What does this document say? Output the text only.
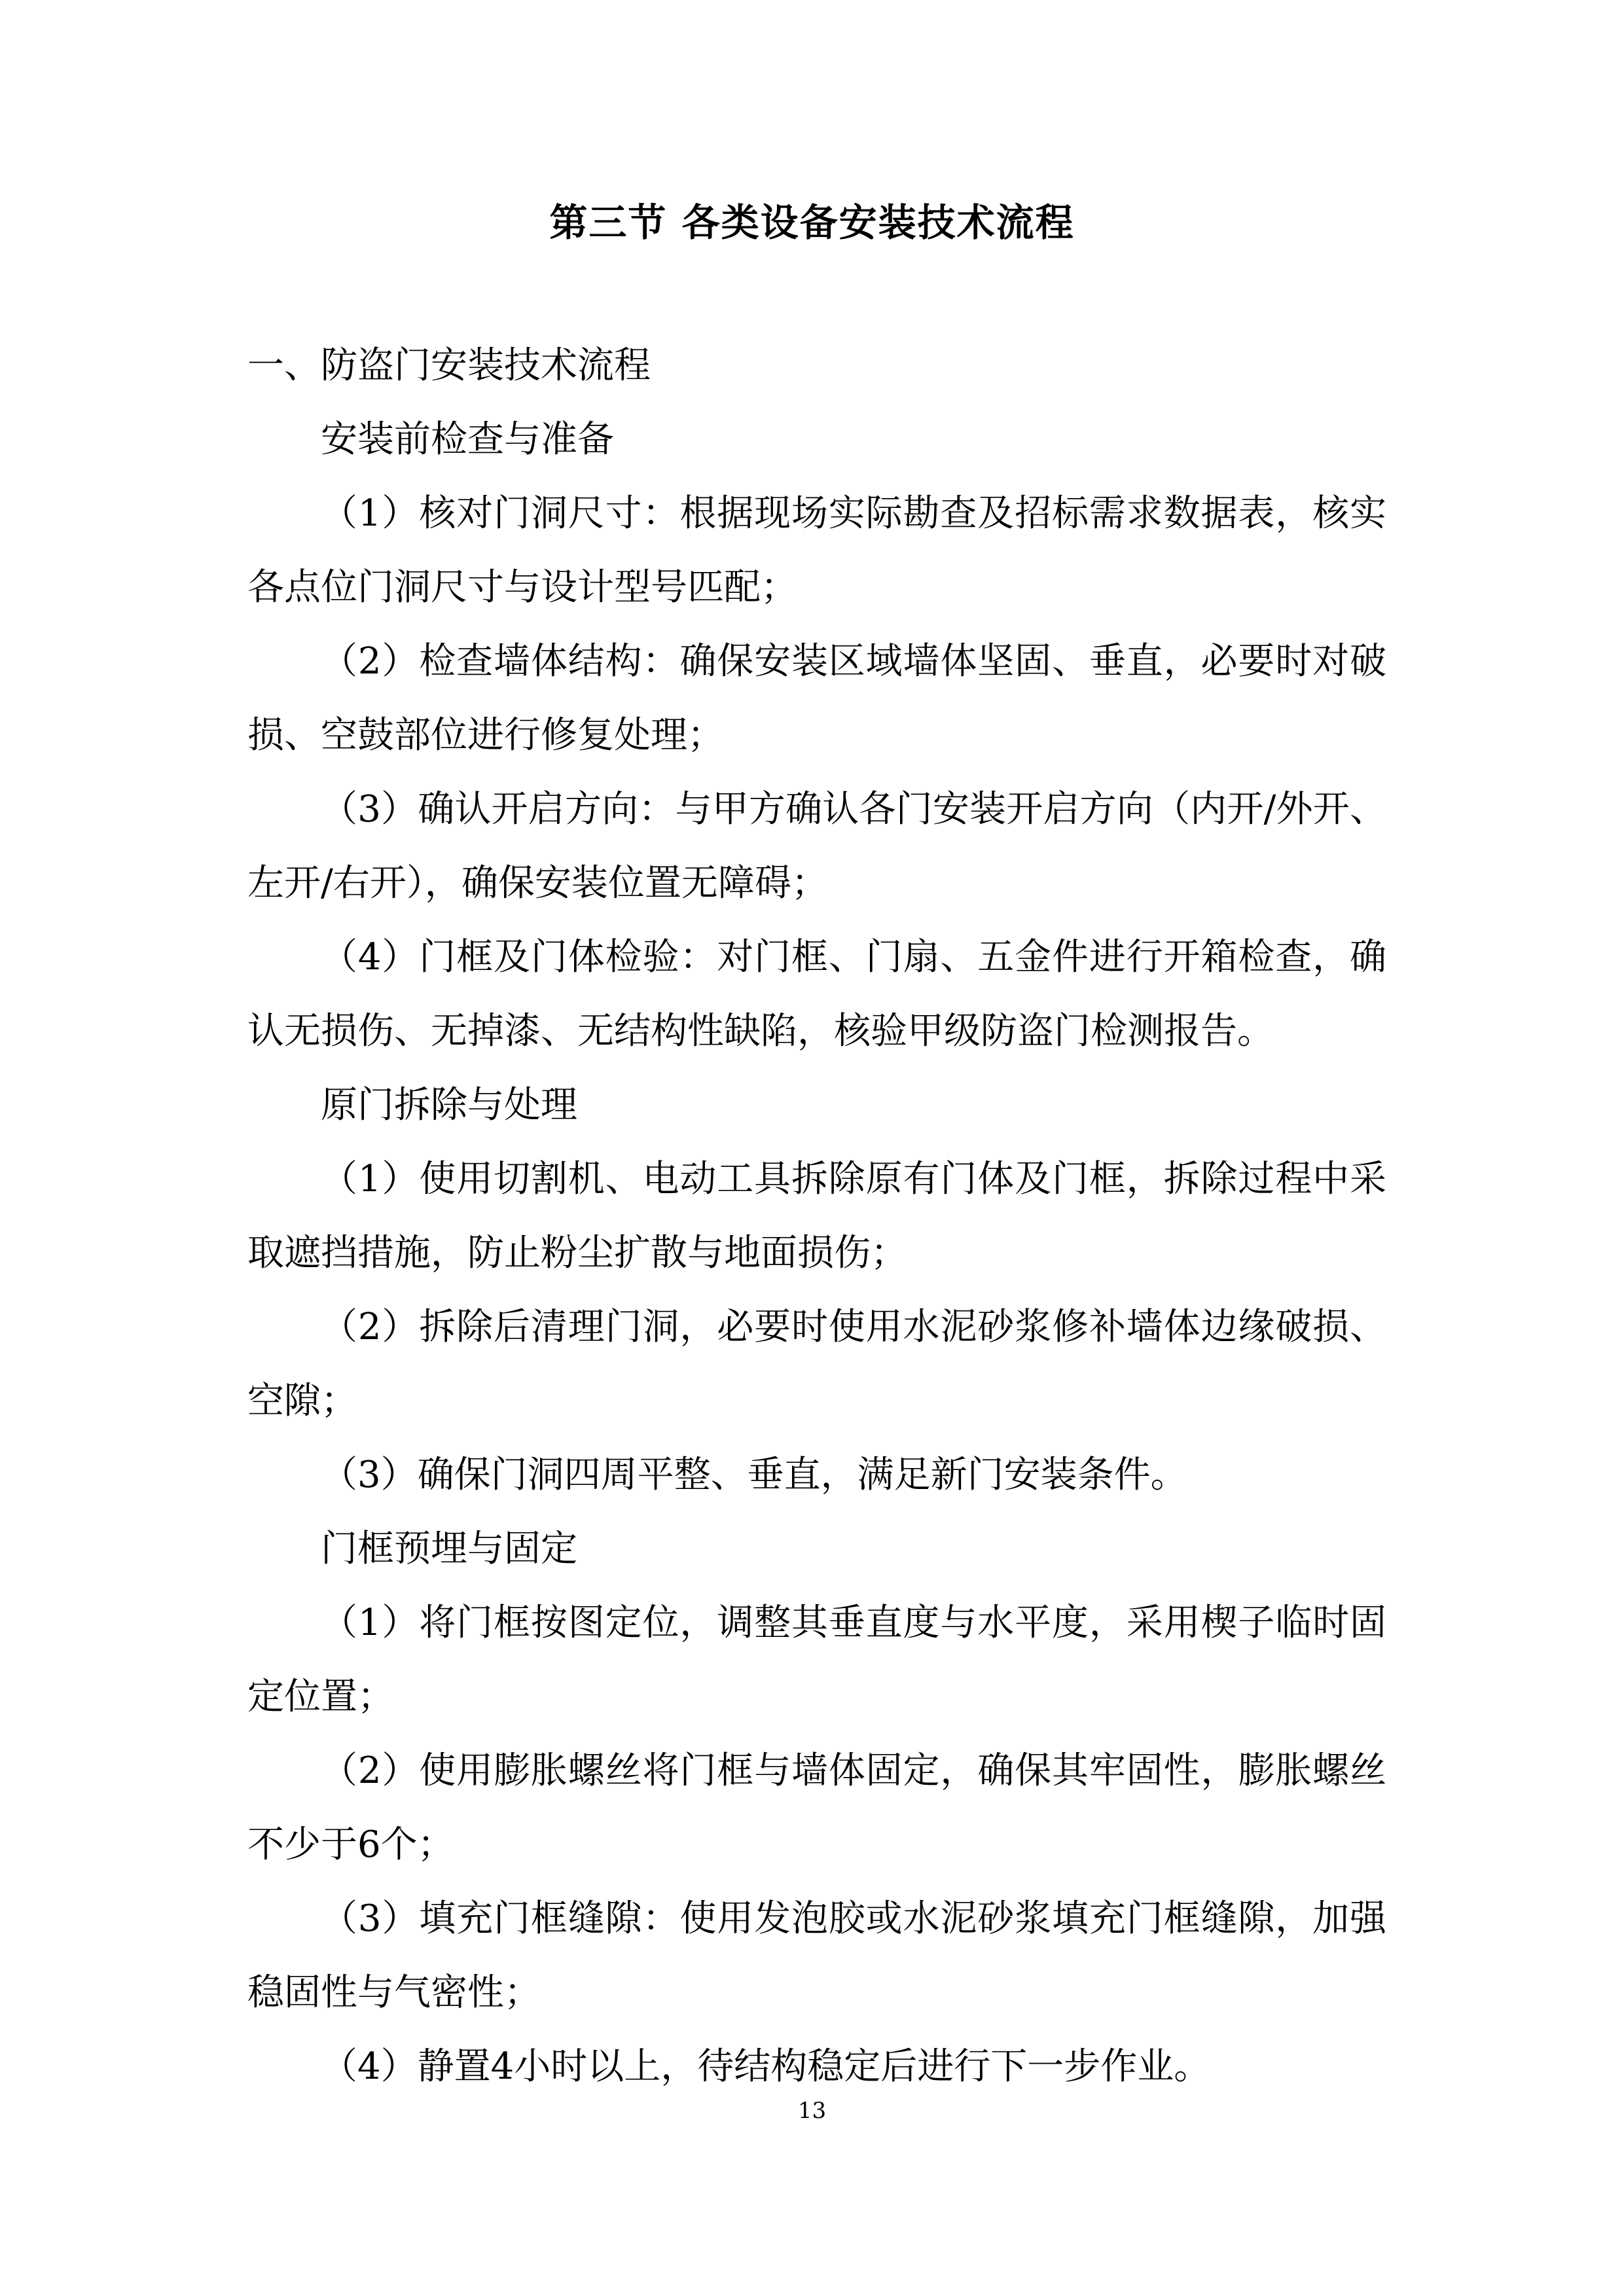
第三节 各类设备安装技术流程

一、防盗门安装技术流程

安装前检查与准备

（1）核对门洞尺寸：根据现场实际勘查及招标需求数据表，核实各点位门洞尺寸与设计型号匹配；

（2）检查墙体结构：确保安装区域墙体坚固、垂直，必要时对破损、空鼓部位进行修复处理；

（3）确认开启方向：与甲方确认各门安装开启方向（内开/外开、左开/右开），确保安装位置无障碍；

（4）门框及门体检验：对门框、门扇、五金件进行开箱检查，确认无损伤、无掉漆、无结构性缺陷，核验甲级防盗门检测报告。

原门拆除与处理

（1）使用切割机、电动工具拆除原有门体及门框，拆除过程中采取遮挡措施，防止粉尘扩散与地面损伤；

（2）拆除后清理门洞，必要时使用水泥砂浆修补墙体边缘破损、空隙；

（3）确保门洞四周平整、垂直，满足新门安装条件。

门框预埋与固定

（1）将门框按图定位，调整其垂直度与水平度，采用楔子临时固定位置；

（2）使用膨胀螺丝将门框与墙体固定，确保其牢固性，膨胀螺丝不少于6个；

（3）填充门框缝隙：使用发泡胶或水泥砂浆填充门框缝隙，加强稳固性与气密性；

（4）静置4小时以上，待结构稳定后进行下一步作业。

13
